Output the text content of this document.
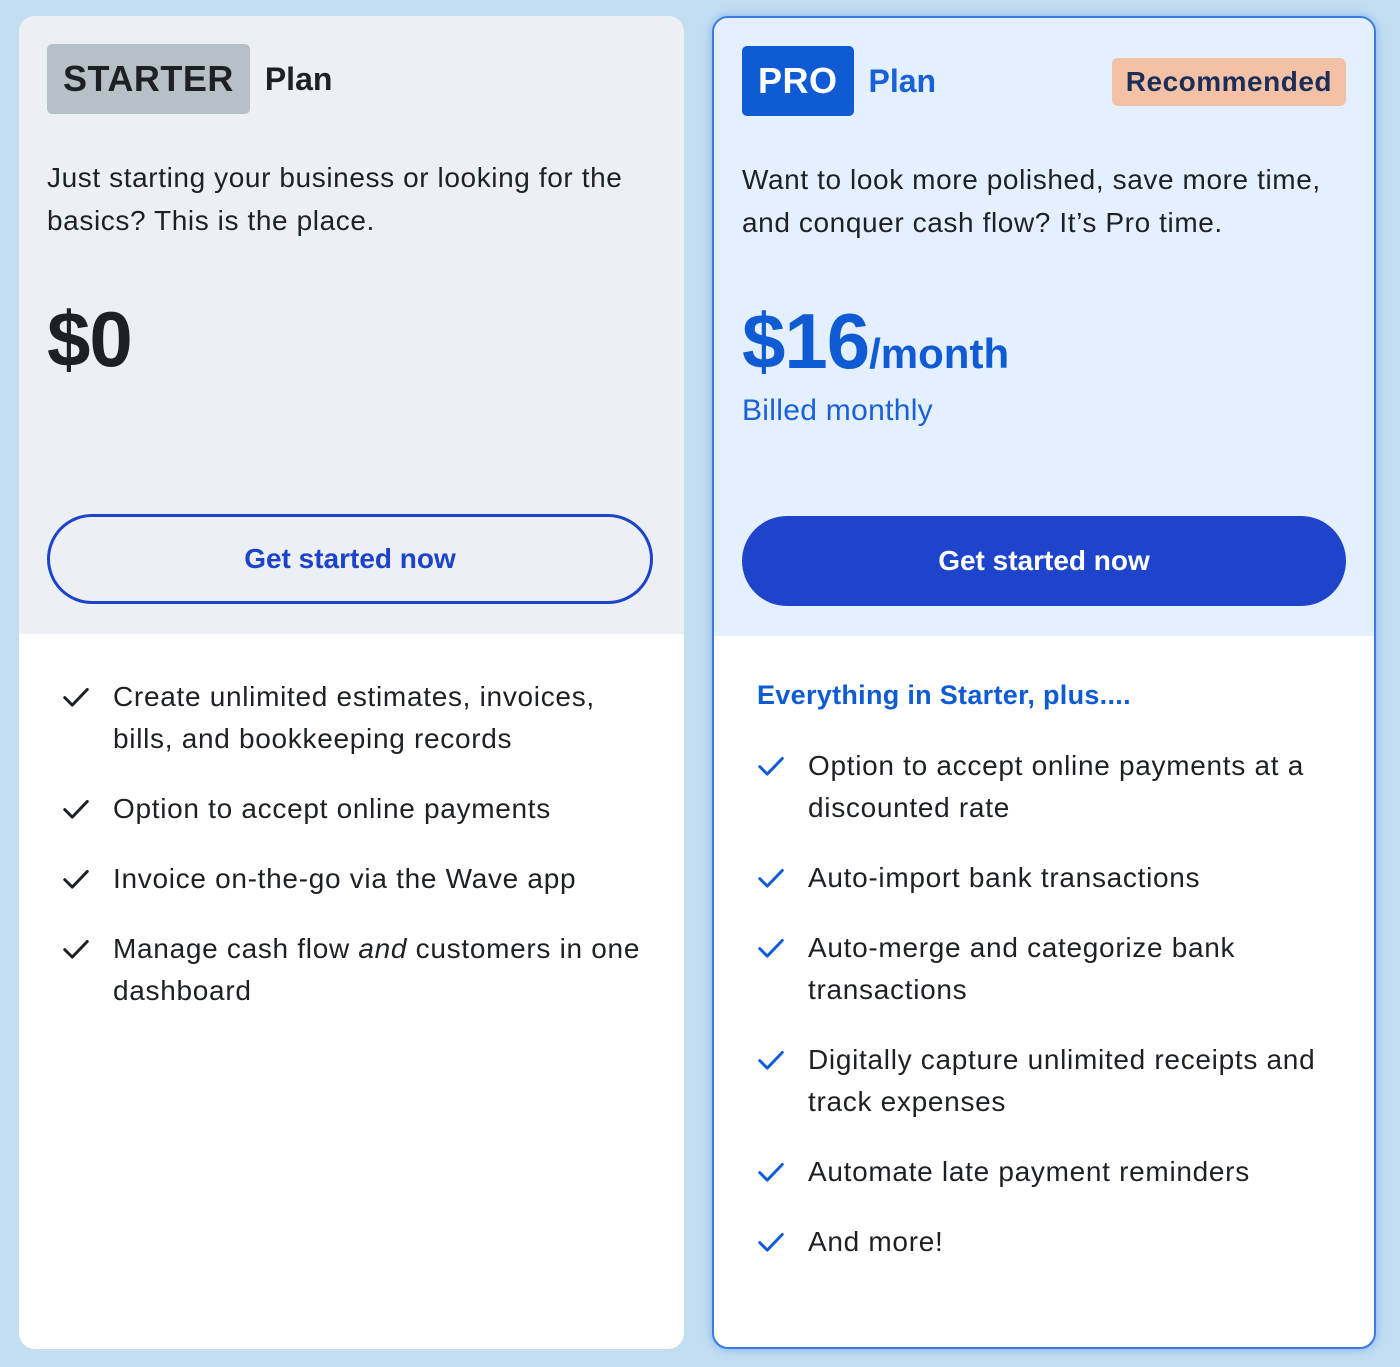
STARTER Plan

Just starting your business or looking for the basics? This is the place.

$0
Get started now
Create unlimited estimates, invoices, bills, and bookkeeping records
Option to accept online payments
Invoice on-the-go via the Wave app
Manage cash flow and customers in one dashboard
PRO Plan	Recommended

Want to look more polished, save more time, and conquer cash flow? It’s Pro time.

$16/month
Billed monthly
Get started now
Everything in Starter, plus....
Option to accept online payments at a discounted rate
Auto-import bank transactions
Auto-merge and categorize bank transactions
Digitally capture unlimited receipts and track expenses
Automate late payment reminders
And more!
